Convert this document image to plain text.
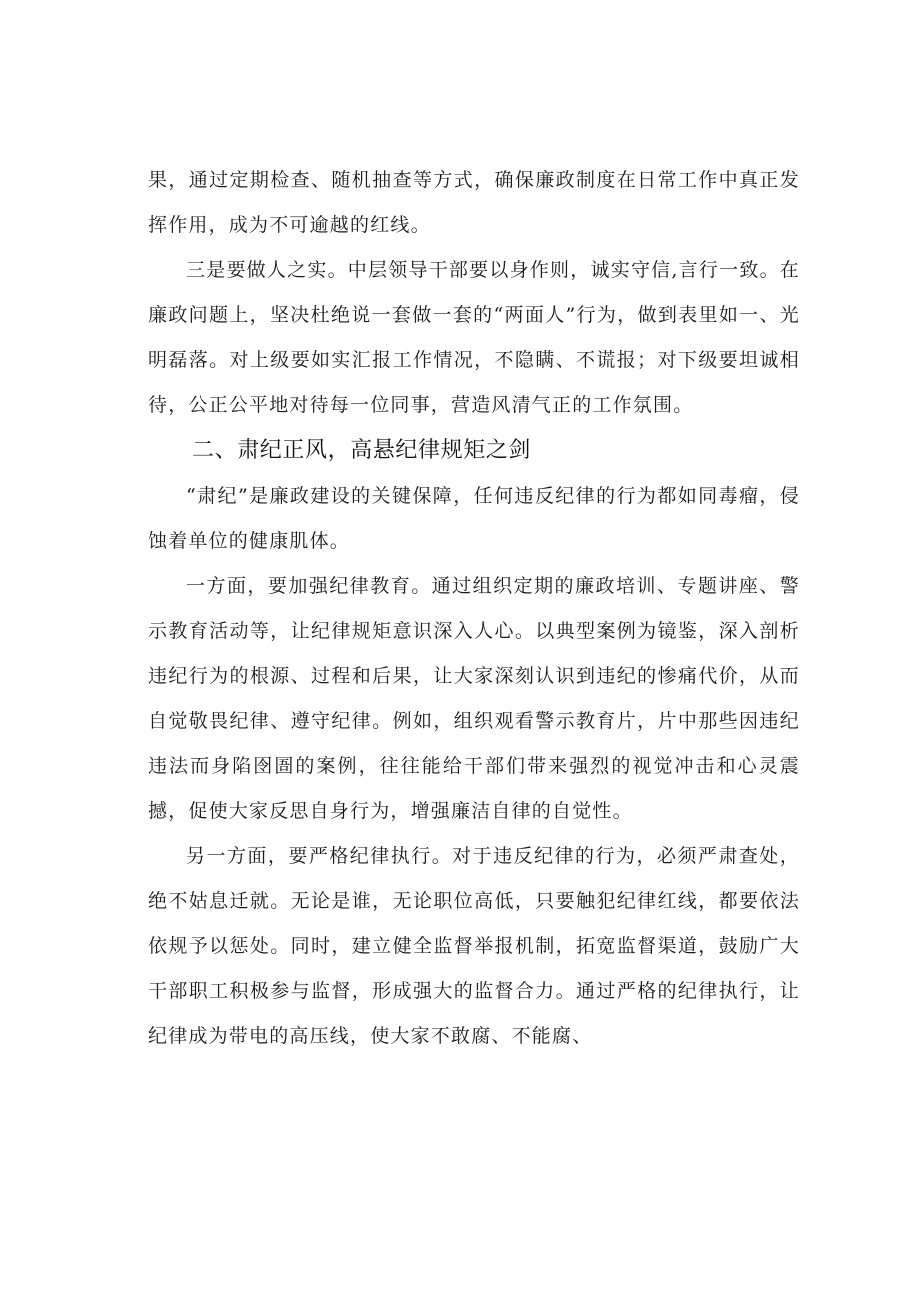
果，通过定期检查、随机抽查等方式，确保廉政制度在日常工作中真正发挥作用，成为不可逾越的红线。

三是要做人之实。中层领导干部要以身作则，诚实守信,言行一致。在廉政问题上，坚决杜绝说一套做一套的“两面人”行为，做到表里如一、光明磊落。对上级要如实汇报工作情况，不隐瞒、不谎报；对下级要坦诚相待，公正公平地对待每一位同事，营造风清气正的工作氛围。

二、肃纪正风，高悬纪律规矩之剑

“肃纪”是廉政建设的关键保障，任何违反纪律的行为都如同毒瘤，侵蚀着单位的健康肌体。

一方面，要加强纪律教育。通过组织定期的廉政培训、专题讲座、警示教育活动等，让纪律规矩意识深入人心。以典型案例为镜鉴，深入剖析违纪行为的根源、过程和后果，让大家深刻认识到违纪的惨痛代价，从而自觉敬畏纪律、遵守纪律。例如，组织观看警示教育片，片中那些因违纪违法而身陷囹圄的案例，往往能给干部们带来强烈的视觉冲击和心灵震撼，促使大家反思自身行为，增强廉洁自律的自觉性。

另一方面，要严格纪律执行。对于违反纪律的行为，必须严肃查处，绝不姑息迁就。无论是谁，无论职位高低，只要触犯纪律红线，都要依法依规予以惩处。同时，建立健全监督举报机制，拓宽监督渠道，鼓励广大干部职工积极参与监督，形成强大的监督合力。通过严格的纪律执行，让纪律成为带电的高压线，使大家不敢腐、不能腐、
